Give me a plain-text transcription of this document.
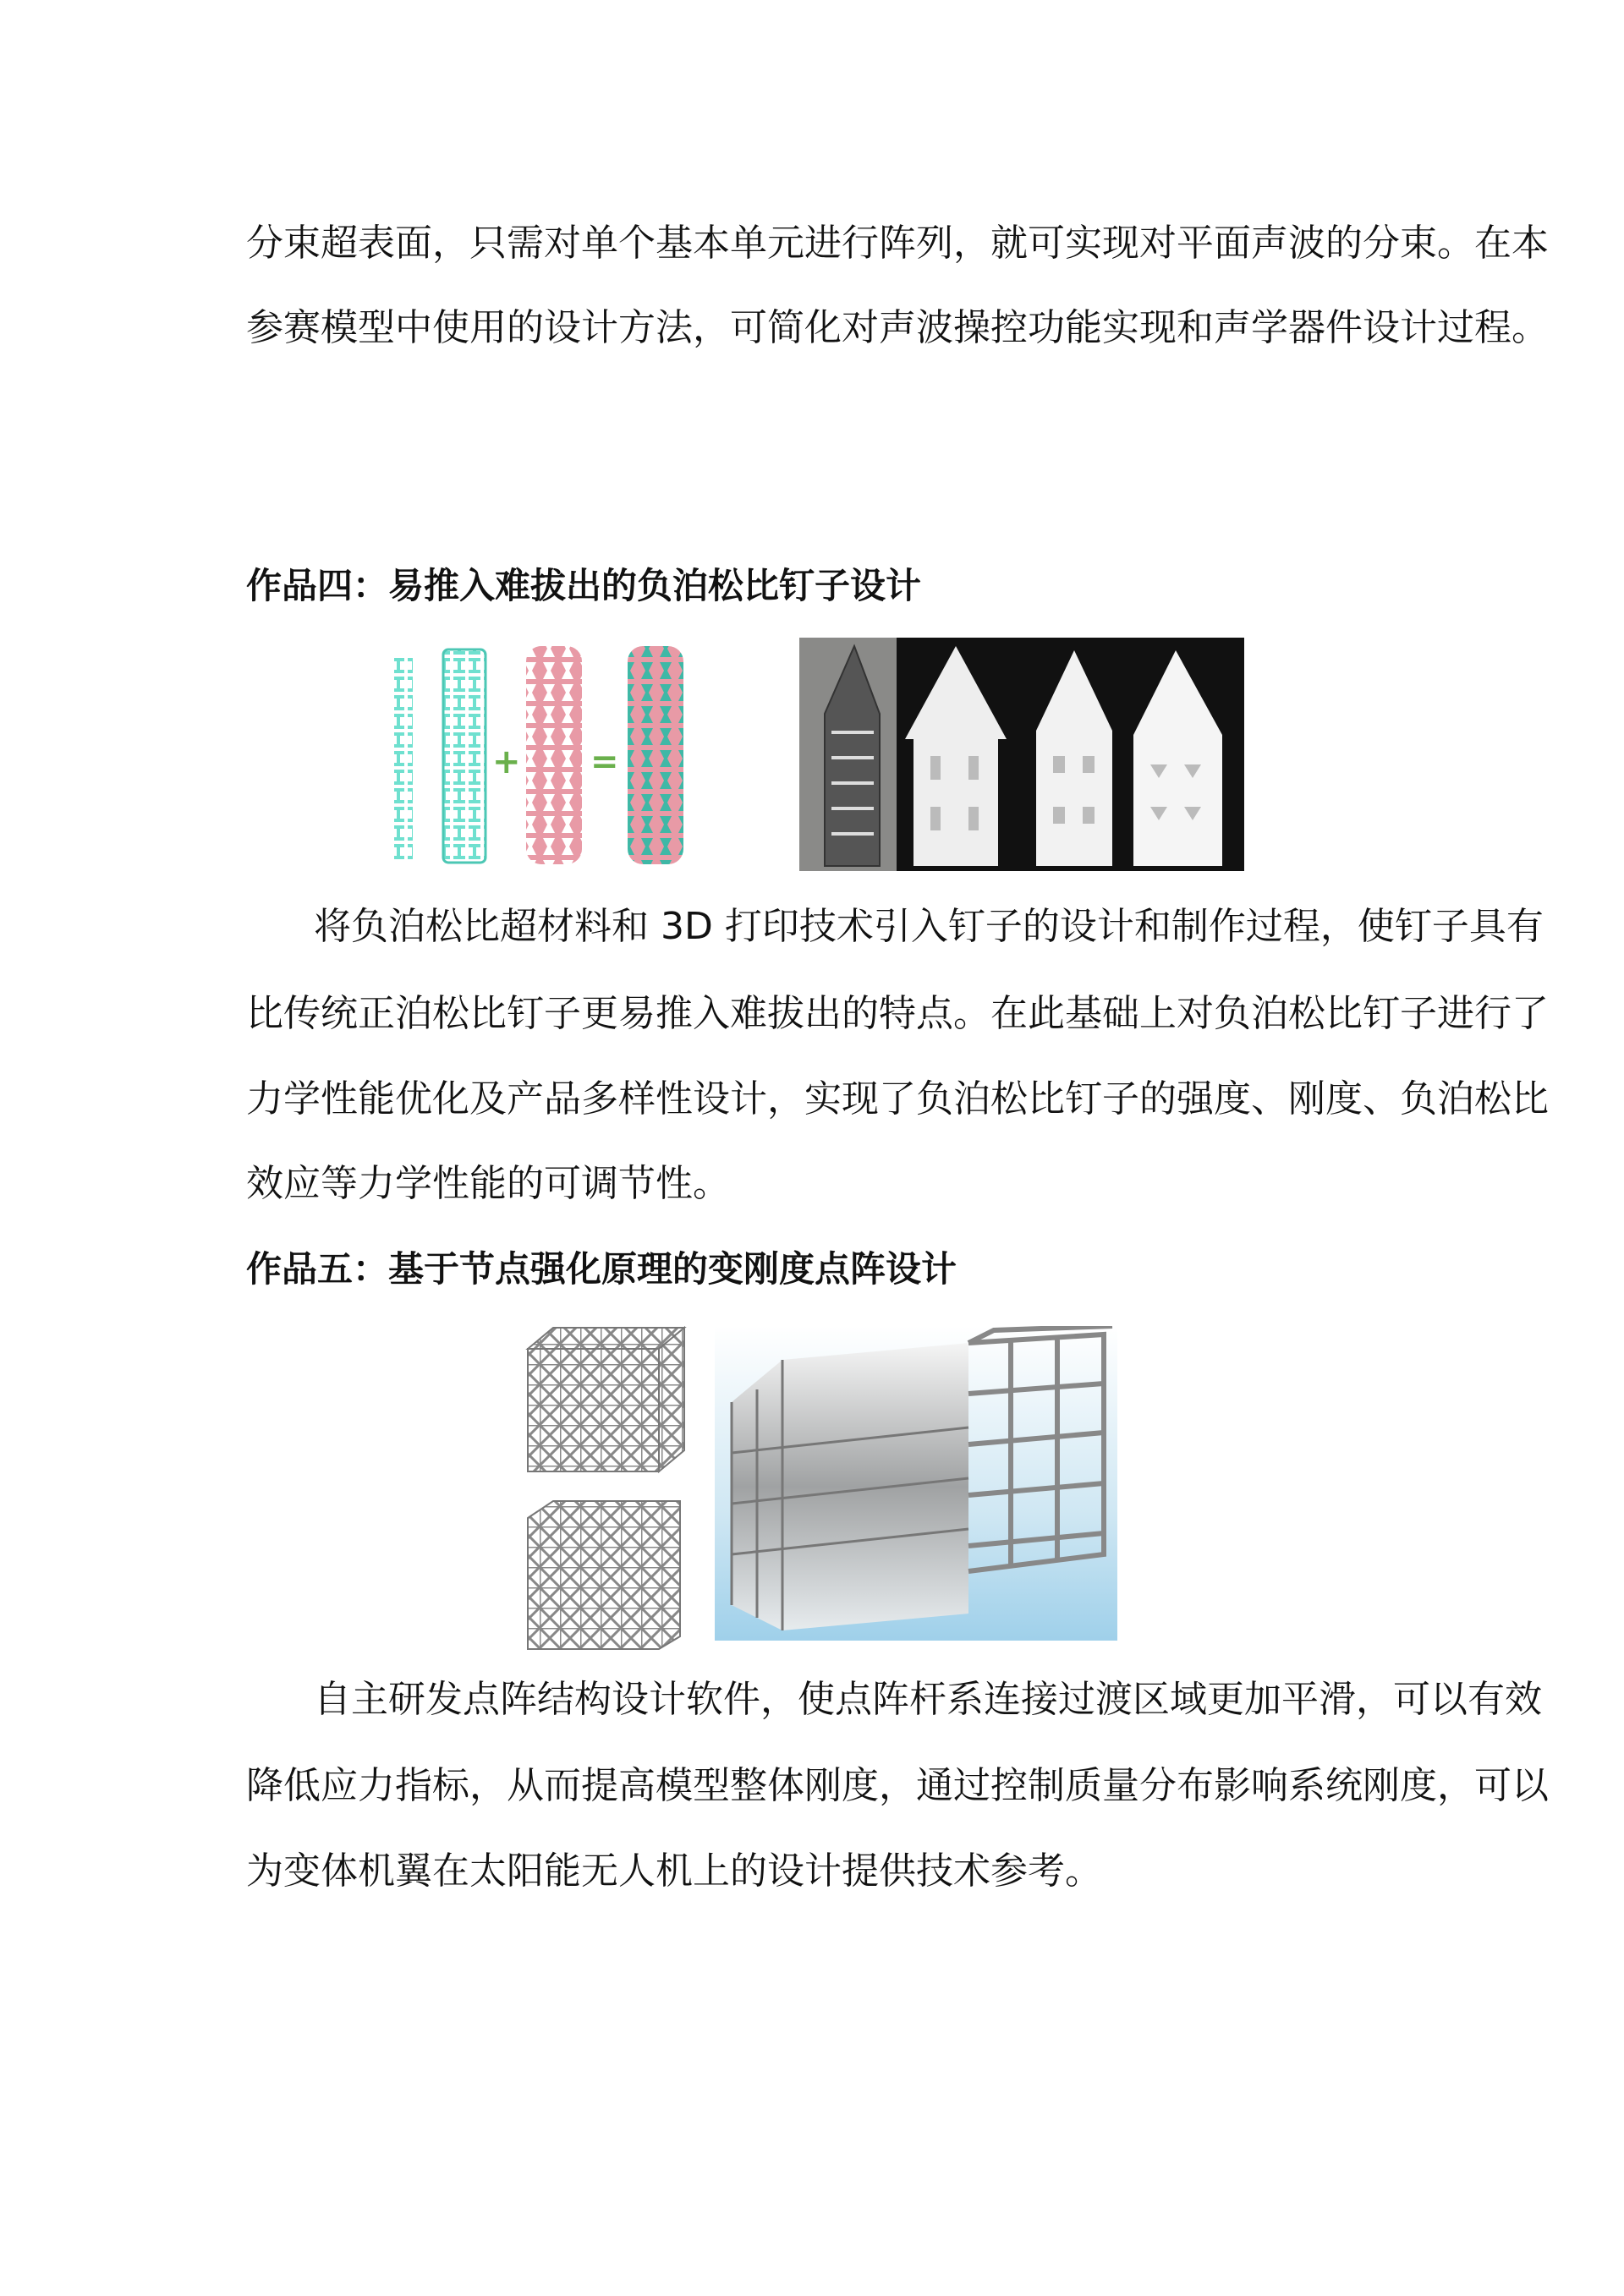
分束超表面，只需对单个基本单元进行阵列，就可实现对平面声波的分束。在本
参赛模型中使用的设计方法，可简化对声波操控功能实现和声学器件设计过程。
作品四：易推入难拔出的负泊松比钉子设计
+ =
将负泊松比超材料和 3D 打印技术引入钉子的设计和制作过程，使钉子具有
比传统正泊松比钉子更易推入难拔出的特点。在此基础上对负泊松比钉子进行了
力学性能优化及产品多样性设计，实现了负泊松比钉子的强度、刚度、负泊松比
效应等力学性能的可调节性。
作品五：基于节点强化原理的变刚度点阵设计
自主研发点阵结构设计软件，使点阵杆系连接过渡区域更加平滑，可以有效
降低应力指标，从而提高模型整体刚度，通过控制质量分布影响系统刚度，可以
为变体机翼在太阳能无人机上的设计提供技术参考。
